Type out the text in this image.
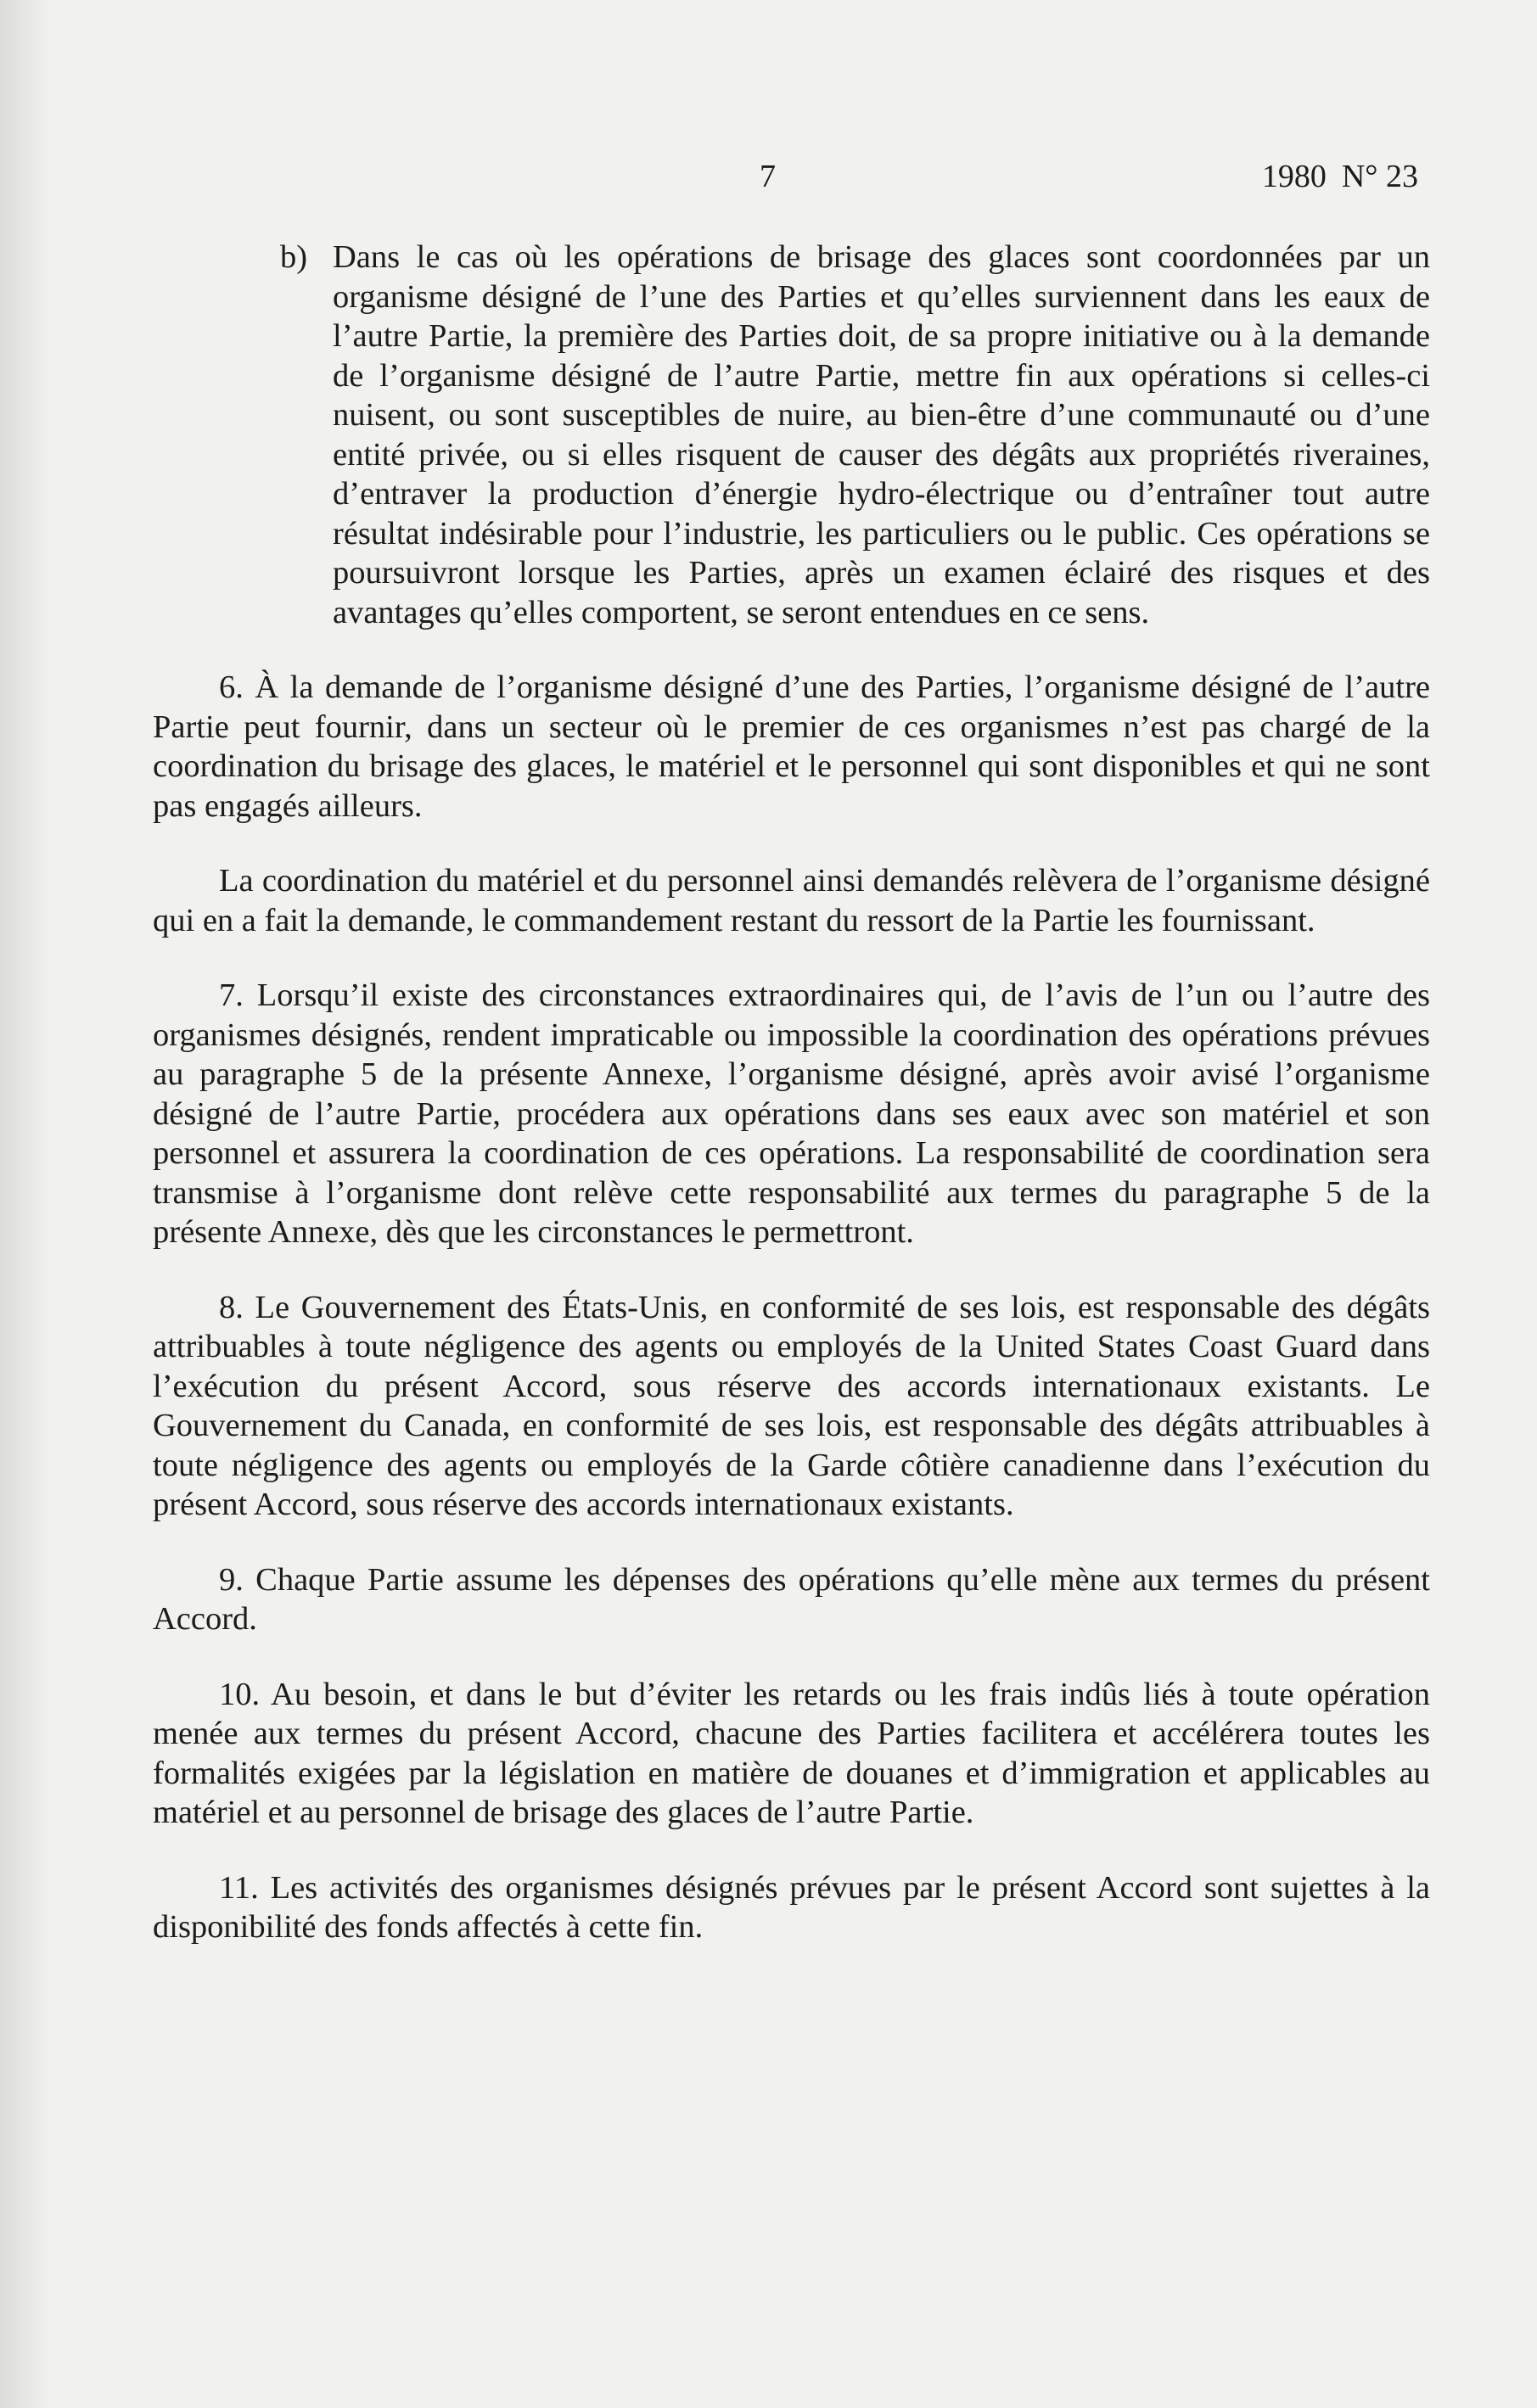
7	1980 N° 23

b) Dans le cas où les opérations de brisage des glaces sont coordonnées par un organisme désigné de l’une des Parties et qu’elles surviennent dans les eaux de l’autre Partie, la première des Parties doit, de sa propre initiative ou à la demande de l’organisme désigné de l’autre Partie, mettre fin aux opérations si celles-ci nuisent, ou sont susceptibles de nuire, au bien-être d’une communauté ou d’une entité privée, ou si elles risquent de causer des dégâts aux propriétés riveraines, d’entraver la production d’énergie hydro-électrique ou d’entraîner tout autre résultat indésirable pour l’industrie, les particuliers ou le public. Ces opérations se poursuivront lorsque les Parties, après un examen éclairé des risques et des avantages qu’elles comportent, se seront entendues en ce sens.

6. À la demande de l’organisme désigné d’une des Parties, l’organisme désigné de l’autre Partie peut fournir, dans un secteur où le premier de ces organismes n’est pas chargé de la coordination du brisage des glaces, le matériel et le personnel qui sont disponibles et qui ne sont pas engagés ailleurs.

La coordination du matériel et du personnel ainsi demandés relèvera de l’organisme désigné qui en a fait la demande, le commandement restant du ressort de la Partie les fournissant.

7. Lorsqu’il existe des circonstances extraordinaires qui, de l’avis de l’un ou l’autre des organismes désignés, rendent impraticable ou impossible la coordination des opérations prévues au paragraphe 5 de la présente Annexe, l’organisme désigné, après avoir avisé l’organisme désigné de l’autre Partie, procédera aux opérations dans ses eaux avec son matériel et son personnel et assurera la coordination de ces opérations. La responsabilité de coordination sera transmise à l’organisme dont relève cette responsabilité aux termes du paragraphe 5 de la présente Annexe, dès que les circonstances le permettront.

8. Le Gouvernement des États-Unis, en conformité de ses lois, est responsable des dégâts attribuables à toute négligence des agents ou employés de la United States Coast Guard dans l’exécution du présent Accord, sous réserve des accords internationaux existants. Le Gouvernement du Canada, en conformité de ses lois, est responsable des dégâts attribuables à toute négligence des agents ou employés de la Garde côtière canadienne dans l’exécution du présent Accord, sous réserve des accords internationaux existants.

9. Chaque Partie assume les dépenses des opérations qu’elle mène aux termes du présent Accord.

10. Au besoin, et dans le but d’éviter les retards ou les frais indûs liés à toute opération menée aux termes du présent Accord, chacune des Parties facilitera et accélérera toutes les formalités exigées par la législation en matière de douanes et d’immigration et applicables au matériel et au personnel de brisage des glaces de l’autre Partie.

11. Les activités des organismes désignés prévues par le présent Accord sont sujettes à la disponibilité des fonds affectés à cette fin.
